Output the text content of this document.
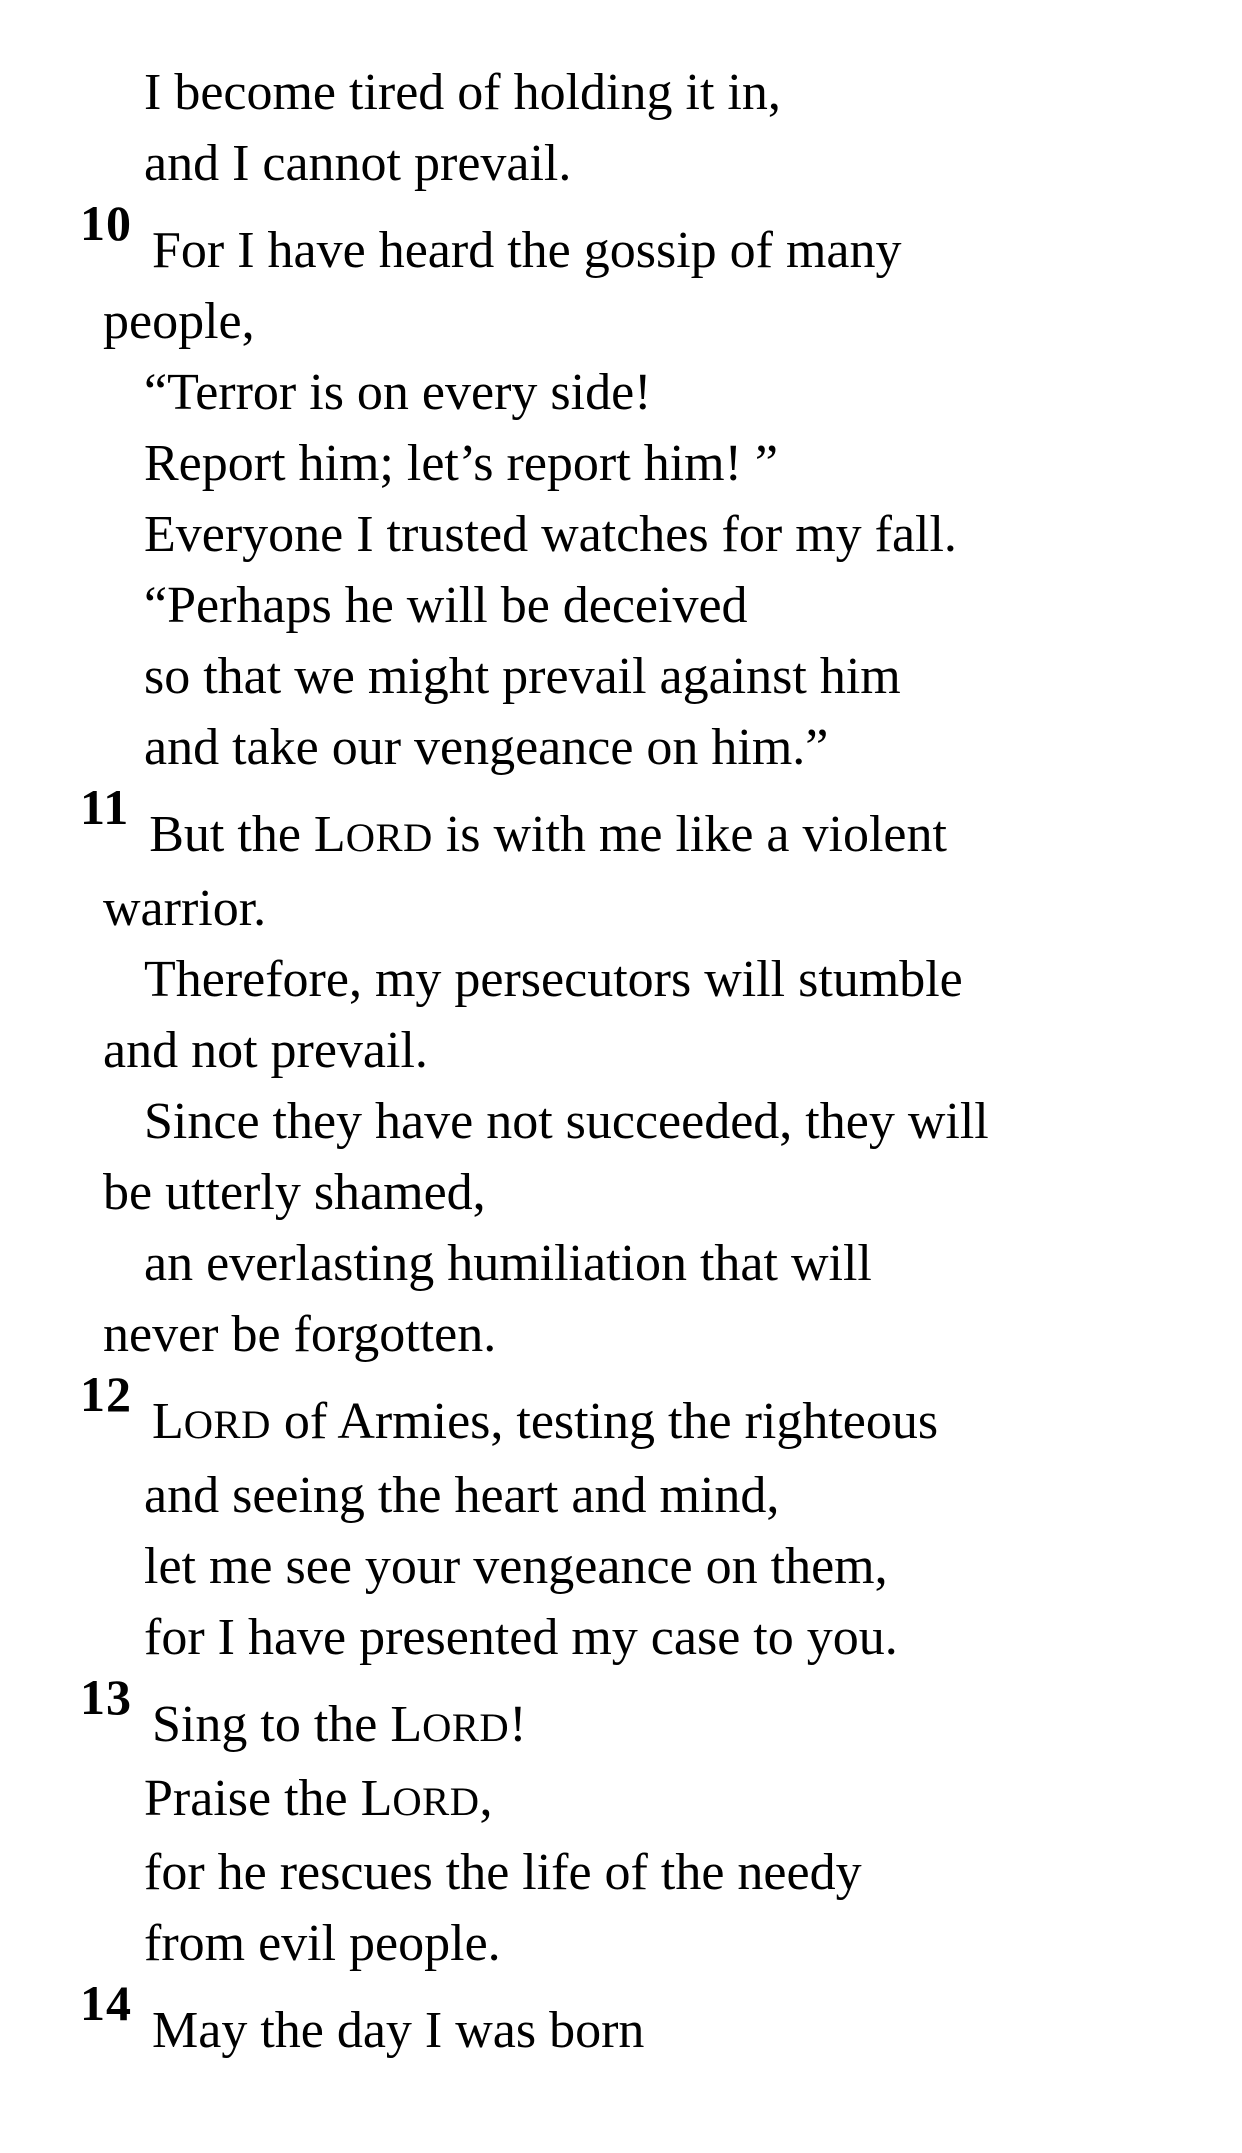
I become tired of holding it in,
and I cannot prevail.
10 For I have heard the gossip of many
people,
“Terror is on every side!
Report him; let’s report him! ”
Everyone I trusted watches for my fall.
“Perhaps he will be deceived
so that we might prevail against him
and take our vengeance on him.”
11 But the LORD is with me like a violent
warrior.
Therefore, my persecutors will stumble
and not prevail.
Since they have not succeeded, they will
be utterly shamed,
an everlasting humiliation that will
never be forgotten.
12 LORD of Armies, testing the righteous
and seeing the heart and mind,
let me see your vengeance on them,
for I have presented my case to you.
13 Sing to the LORD!
Praise the LORD,
for he rescues the life of the needy
from evil people.
14 May the day I was born
